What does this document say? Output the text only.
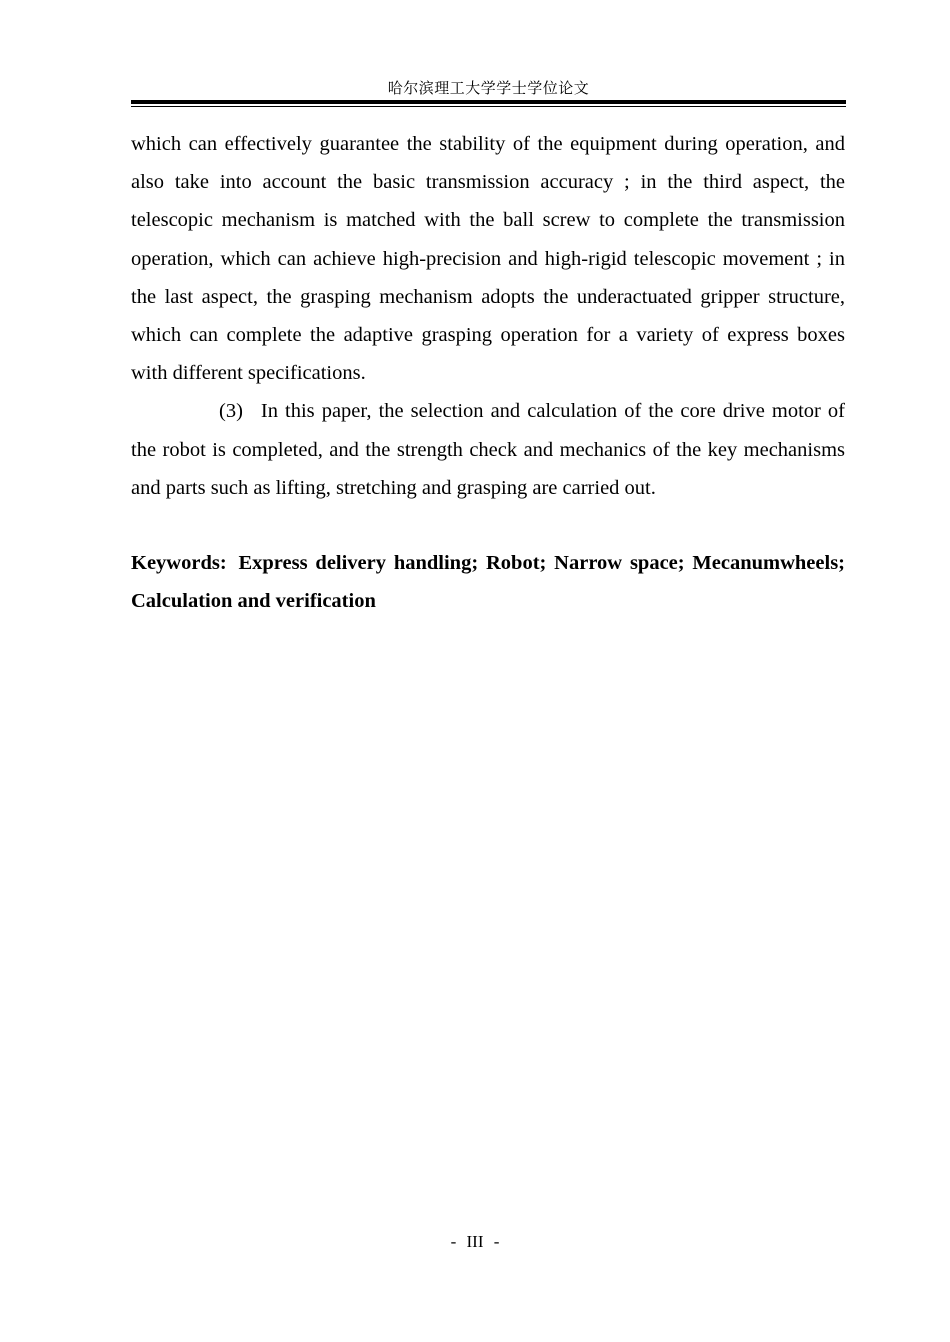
哈尔滨理工大学学士学位论文

which can effectively guarantee the stability of the equipment during operation, and also take into account the basic transmission accuracy ; in the third aspect, the telescopic mechanism is matched with the ball screw to complete the transmission operation, which can achieve high-precision and high-rigid telescopic movement ; in the last aspect, the grasping mechanism adopts the underactuated gripper structure, which can complete the adaptive grasping operation for a variety of express boxes with different specifications.

(3) In this paper, the selection and calculation of the core drive motor of the robot is completed, and the strength check and mechanics of the key mechanisms and parts such as lifting, stretching and grasping are carried out.

Keywords: Express delivery handling; Robot; Narrow space; Mecanumwheels; Calculation and verification
- III -
